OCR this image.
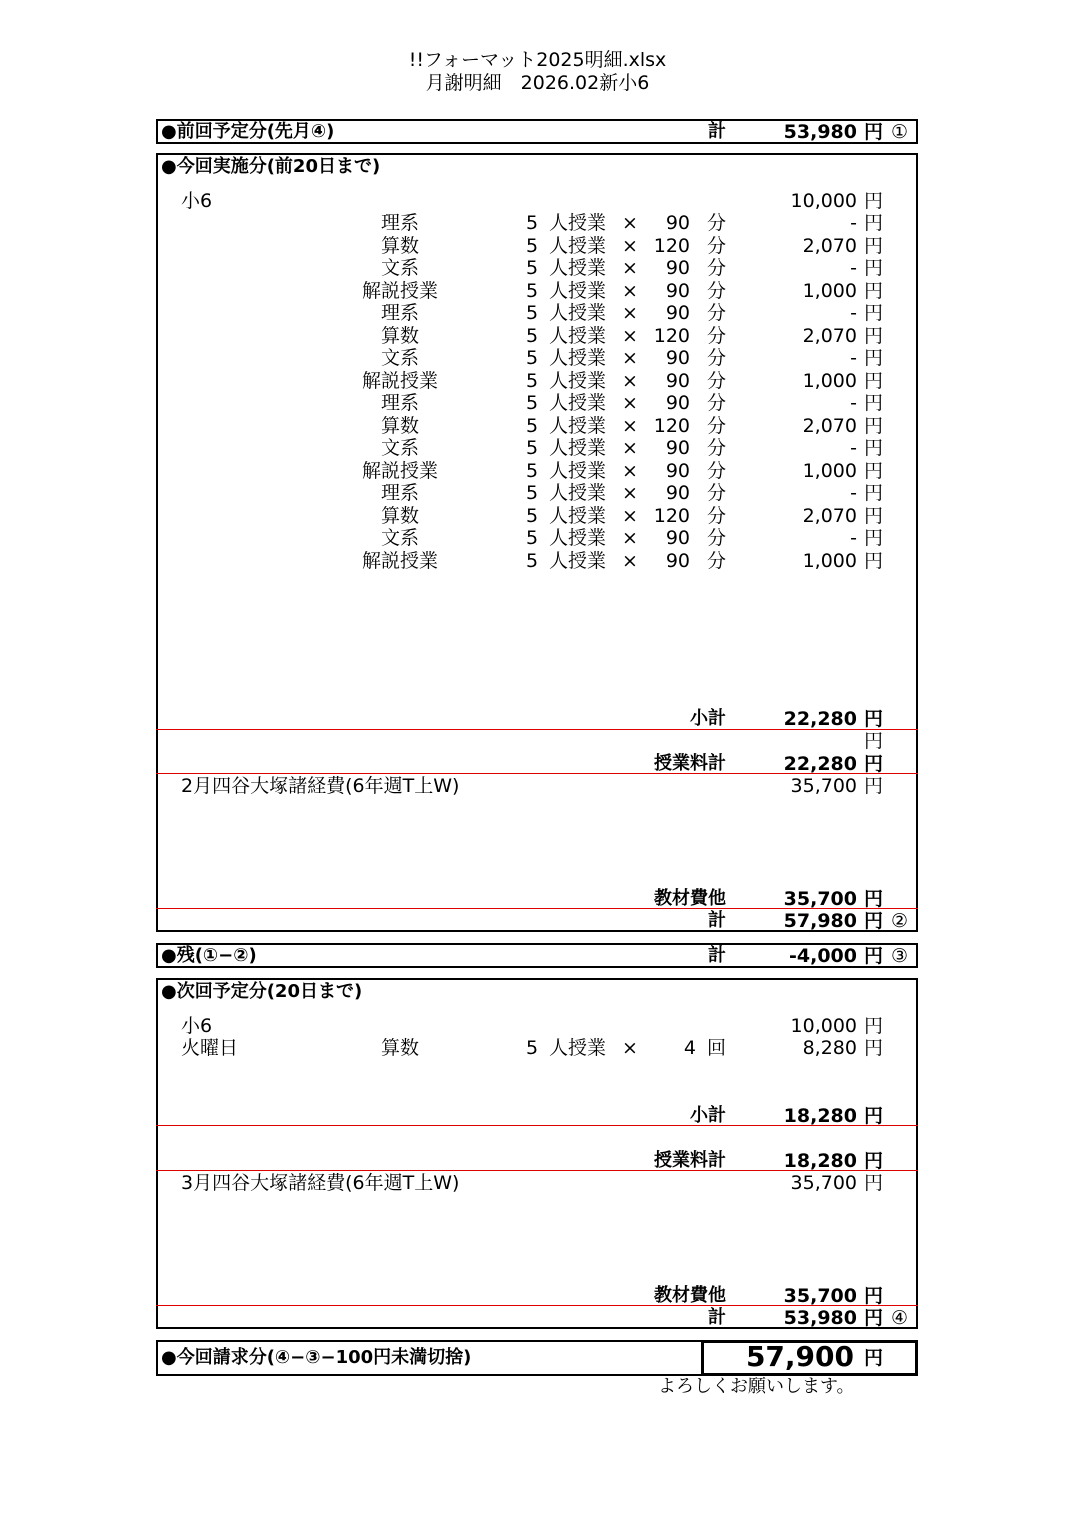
!!フォーマット2025明細.xlsx
月謝明細　2026.02新小6
●前回予定分(先月④)	計	53,980 円 ①
●今回実施分(前20日まで)
小6	10,000 円
理系	5 人授業 ×	90 分	- 円
算数	5 人授業 × 120 分	2,070 円
文系	5 人授業 ×	90 分	- 円
解説授業	5 人授業 ×	90 分	1,000 円
理系	5 人授業 ×	90 分	- 円
算数	5 人授業 × 120 分	2,070 円
文系	5 人授業 ×	90 分	- 円
解説授業	5 人授業 ×	90 分	1,000 円
理系	5 人授業 ×	90 分	- 円
算数	5 人授業 × 120 分	2,070 円
文系	5 人授業 ×	90 分	- 円
解説授業	5 人授業 ×	90 分	1,000 円
理系	5 人授業 ×	90 分	- 円
算数	5 人授業 × 120 分	2,070 円
文系	5 人授業 ×	90 分	- 円
解説授業	5 人授業 ×	90 分	1,000 円
小計	22,280 円
円
授業料計	22,280 円
2月四谷大塚諸経費(6年週T上W)	35,700 円
教材費他	35,700 円
計	57,980 円 ②
●残(①−②)	計	-4,000 円 ③
●次回予定分(20日まで)
小6	10,000 円
火曜日	算数	5 人授業 ×	4 回	8,280 円
小計	18,280 円
授業料計	18,280 円
3月四谷大塚諸経費(6年週T上W)	35,700 円
教材費他	35,700 円
計	53,980 円 ④
●今回請求分(④−③−100円未満切捨)	57,900 円
よろしくお願いします。
